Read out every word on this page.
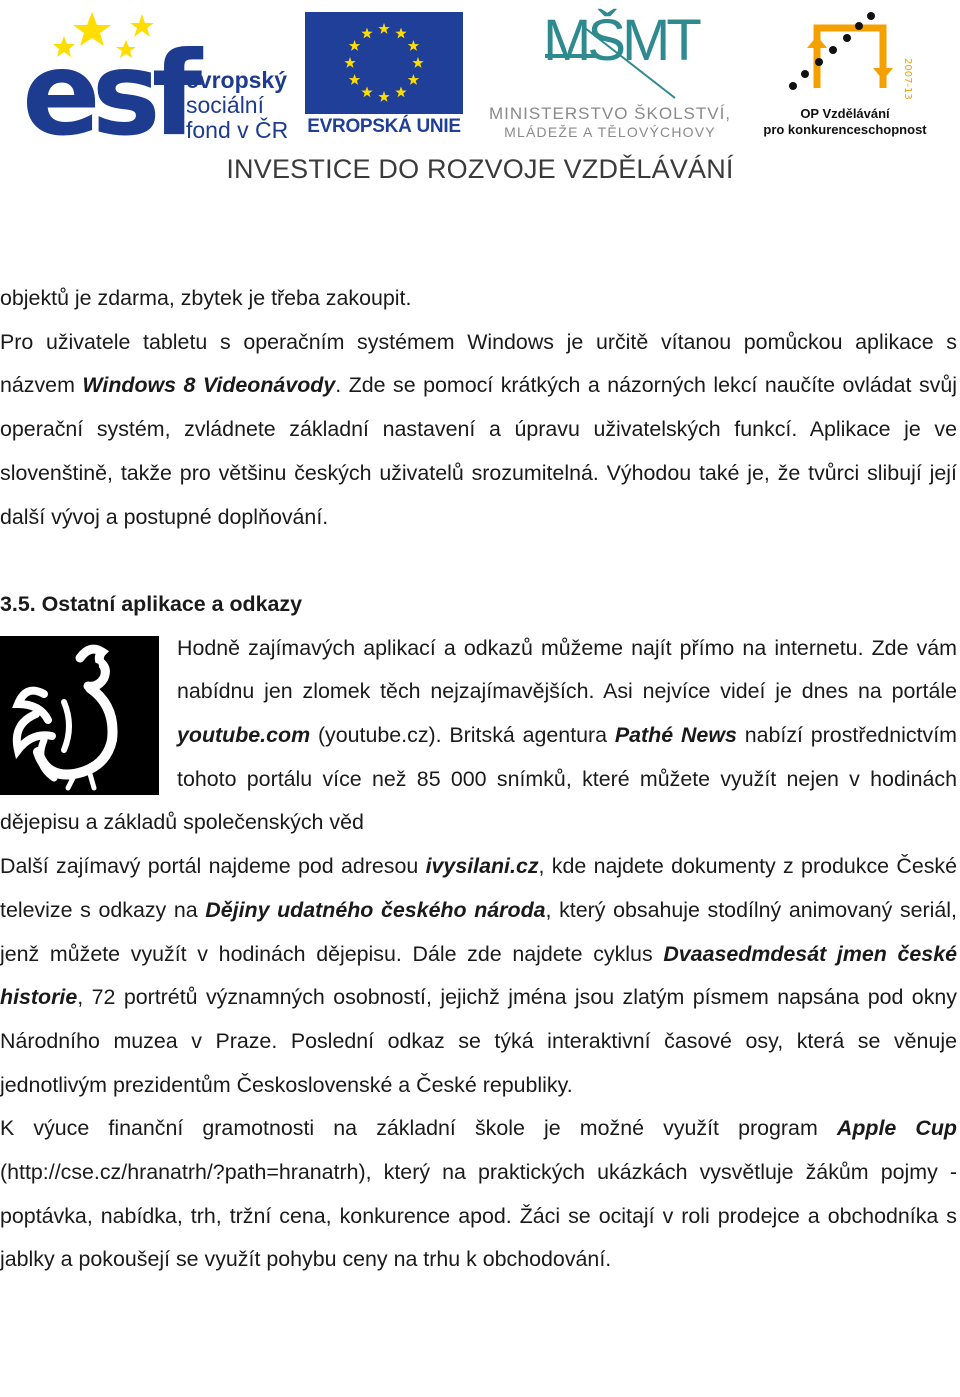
esf
evropský
sociální
fond v ČR EVROPSKÁ UNIE
MŠMT
MINISTERSTVO ŠKOLSTVÍ,
MLÁDEŽE A TĚLOVÝCHOVY
2007-13
OP Vzdělávání
pro konkurenceschopnost
INVESTICE DO ROZVOJE VZDĚLÁVÁNÍ

objektů je zdarma, zbytek je třeba zakoupit.

Pro uživatele tabletu s operačním systémem Windows je určitě vítanou pomůckou aplikace s názvem Windows 8 Videonávody. Zde se pomocí krátkých a názorných lekcí naučíte ovládat svůj operační systém, zvládnete základní nastavení a úpravu uživatelských funkcí. Aplikace je ve slovenštině, takže pro většinu českých uživatelů srozumitelná. Výhodou také je, že tvůrci slibují její další vývoj a postupné doplňování.

3.5. Ostatní aplikace a odkazy

Hodně zajímavých aplikací a odkazů můžeme najít přímo na internetu. Zde vám nabídnu jen zlomek těch nejzajímavějších. Asi nejvíce videí je dnes na portále youtube.com (youtube.cz). Britská agentura Pathé News nabízí prostřednictvím tohoto portálu více než 85 000 snímků, které můžete využít nejen v hodinách dějepisu a základů společenských věd

Další zajímavý portál najdeme pod adresou ivysilani.cz, kde najdete dokumenty z produkce České televize s odkazy na Dějiny udatného českého národa, který obsahuje stodílný animovaný seriál, jenž můžete využít v hodinách dějepisu. Dále zde najdete cyklus Dvaasedmdesát jmen české historie, 72 portrétů významných osobností, jejichž jména jsou zlatým písmem napsána pod okny Národního muzea v Praze. Poslední odkaz se týká interaktivní časové osy, která se věnuje jednotlivým prezidentům Československé a České republiky.

K výuce finanční gramotnosti na základní škole je možné využít program Apple Cup (http://cse.cz/hranatrh/?path=hranatrh), který na praktických ukázkách vysvětluje žákům pojmy - poptávka, nabídka, trh, tržní cena, konkurence apod. Žáci se ocitají v roli prodejce a obchodníka s jablky a pokoušejí se využít pohybu ceny na trhu k obchodování.
